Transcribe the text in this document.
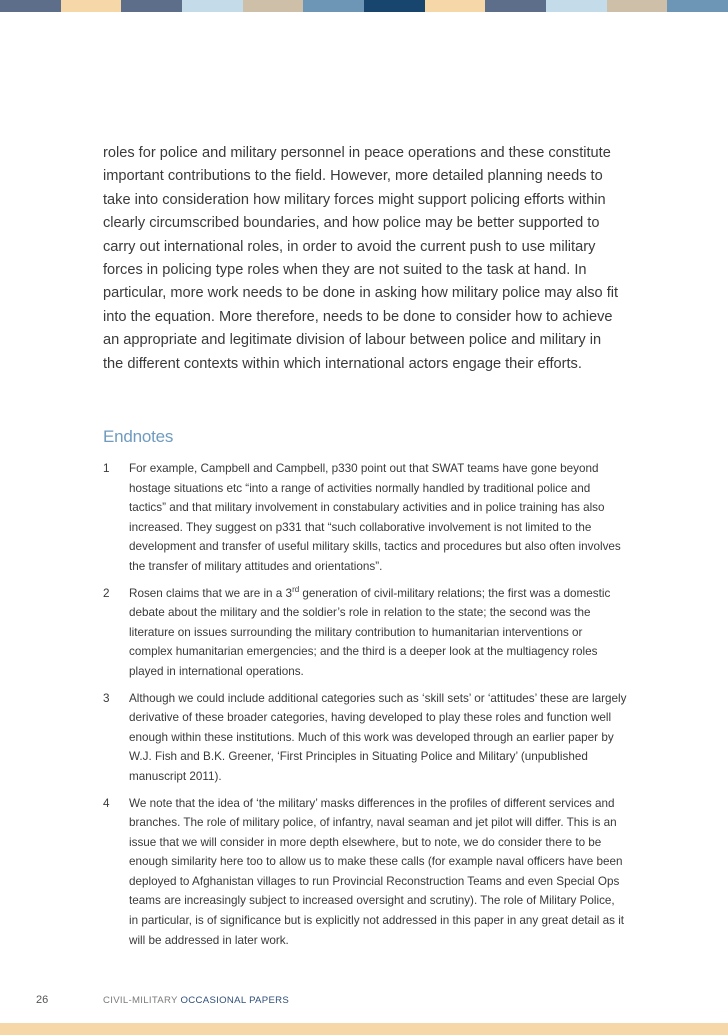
roles for police and military personnel in peace operations and these constitute important contributions to the field. However, more detailed planning needs to take into consideration how military forces might support policing efforts within clearly circumscribed boundaries, and how police may be better supported to carry out international roles, in order to avoid the current push to use military forces in policing type roles when they are not suited to the task at hand. In particular, more work needs to be done in asking how military police may also fit into the equation. More therefore, needs to be done to consider how to achieve an appropriate and legitimate division of labour between police and military in the different contexts within which international actors engage their efforts.

Endnotes
1	For example, Campbell and Campbell, p330 point out that SWAT teams have gone beyond hostage situations etc “into a range of activities normally handled by traditional police and tactics” and that military involvement in constabulary activities and in police training has also increased. They suggest on p331 that “such collaborative involvement is not limited to the development and transfer of useful military skills, tactics and procedures but also often involves the transfer of military attitudes and orientations”.
2	Rosen claims that we are in a 3rd generation of civil-military relations; the first was a domestic debate about the military and the soldier’s role in relation to the state; the second was the literature on issues surrounding the military contribution to humanitarian interventions or complex humanitarian emergencies; and the third is a deeper look at the multiagency roles played in international operations.
3	Although we could include additional categories such as ‘skill sets’ or ‘attitudes’ these are largely derivative of these broader categories, having developed to play these roles and function well enough within these institutions. Much of this work was developed through an earlier paper by W.J. Fish and B.K. Greener, ‘First Principles in Situating Police and Military’ (unpublished manuscript 2011).
4	We note that the idea of ‘the military’ masks differences in the profiles of different services and branches. The role of military police, of infantry, naval seaman and jet pilot will differ. This is an issue that we will consider in more depth elsewhere, but to note, we do consider there to be enough similarity here too to allow us to make these calls (for example naval officers have been deployed to Afghanistan villages to run Provincial Reconstruction Teams and even Special Ops teams are increasingly subject to increased oversight and scrutiny). The role of Military Police, in particular, is of significance but is explicitly not addressed in this paper in any great detail as it will be addressed in later work.
26	CIVIL-MILITARY OCCASIONAL PAPERS
